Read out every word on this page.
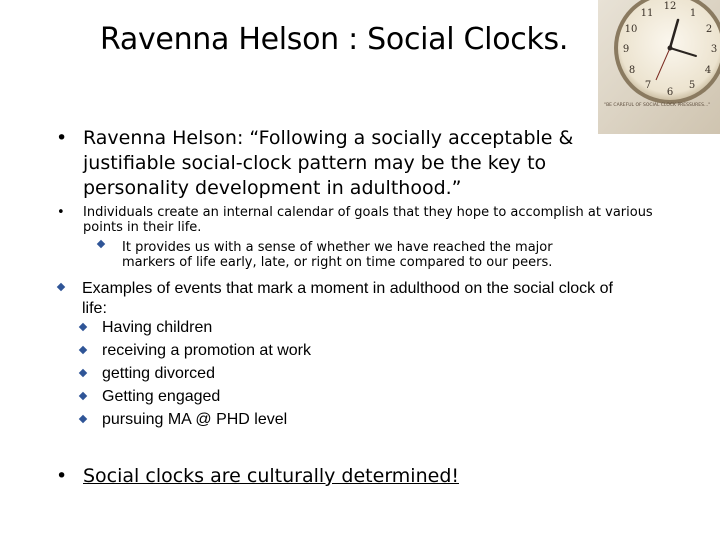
Ravenna Helson : Social Clocks.
12
1
2
3
4
5
6
7
8
9
10
11
"BE CAREFUL OF SOCIAL CLOCK PRESSURES..."
• Ravenna Helson: “Following a socially acceptable & justifiable social-clock pattern may be the key to personality development in adulthood.”
• Individuals create an internal calendar of goals that they hope to accomplish at various points in their life.
It provides us with a sense of whether we have reached the major markers of life early, late, or right on time compared to our peers.
Examples of events that mark a moment in adulthood on the social clock of life:
Having children
receiving a promotion at work
getting divorced
Getting engaged
pursuing MA @ PHD level
• Social clocks are culturally determined!
